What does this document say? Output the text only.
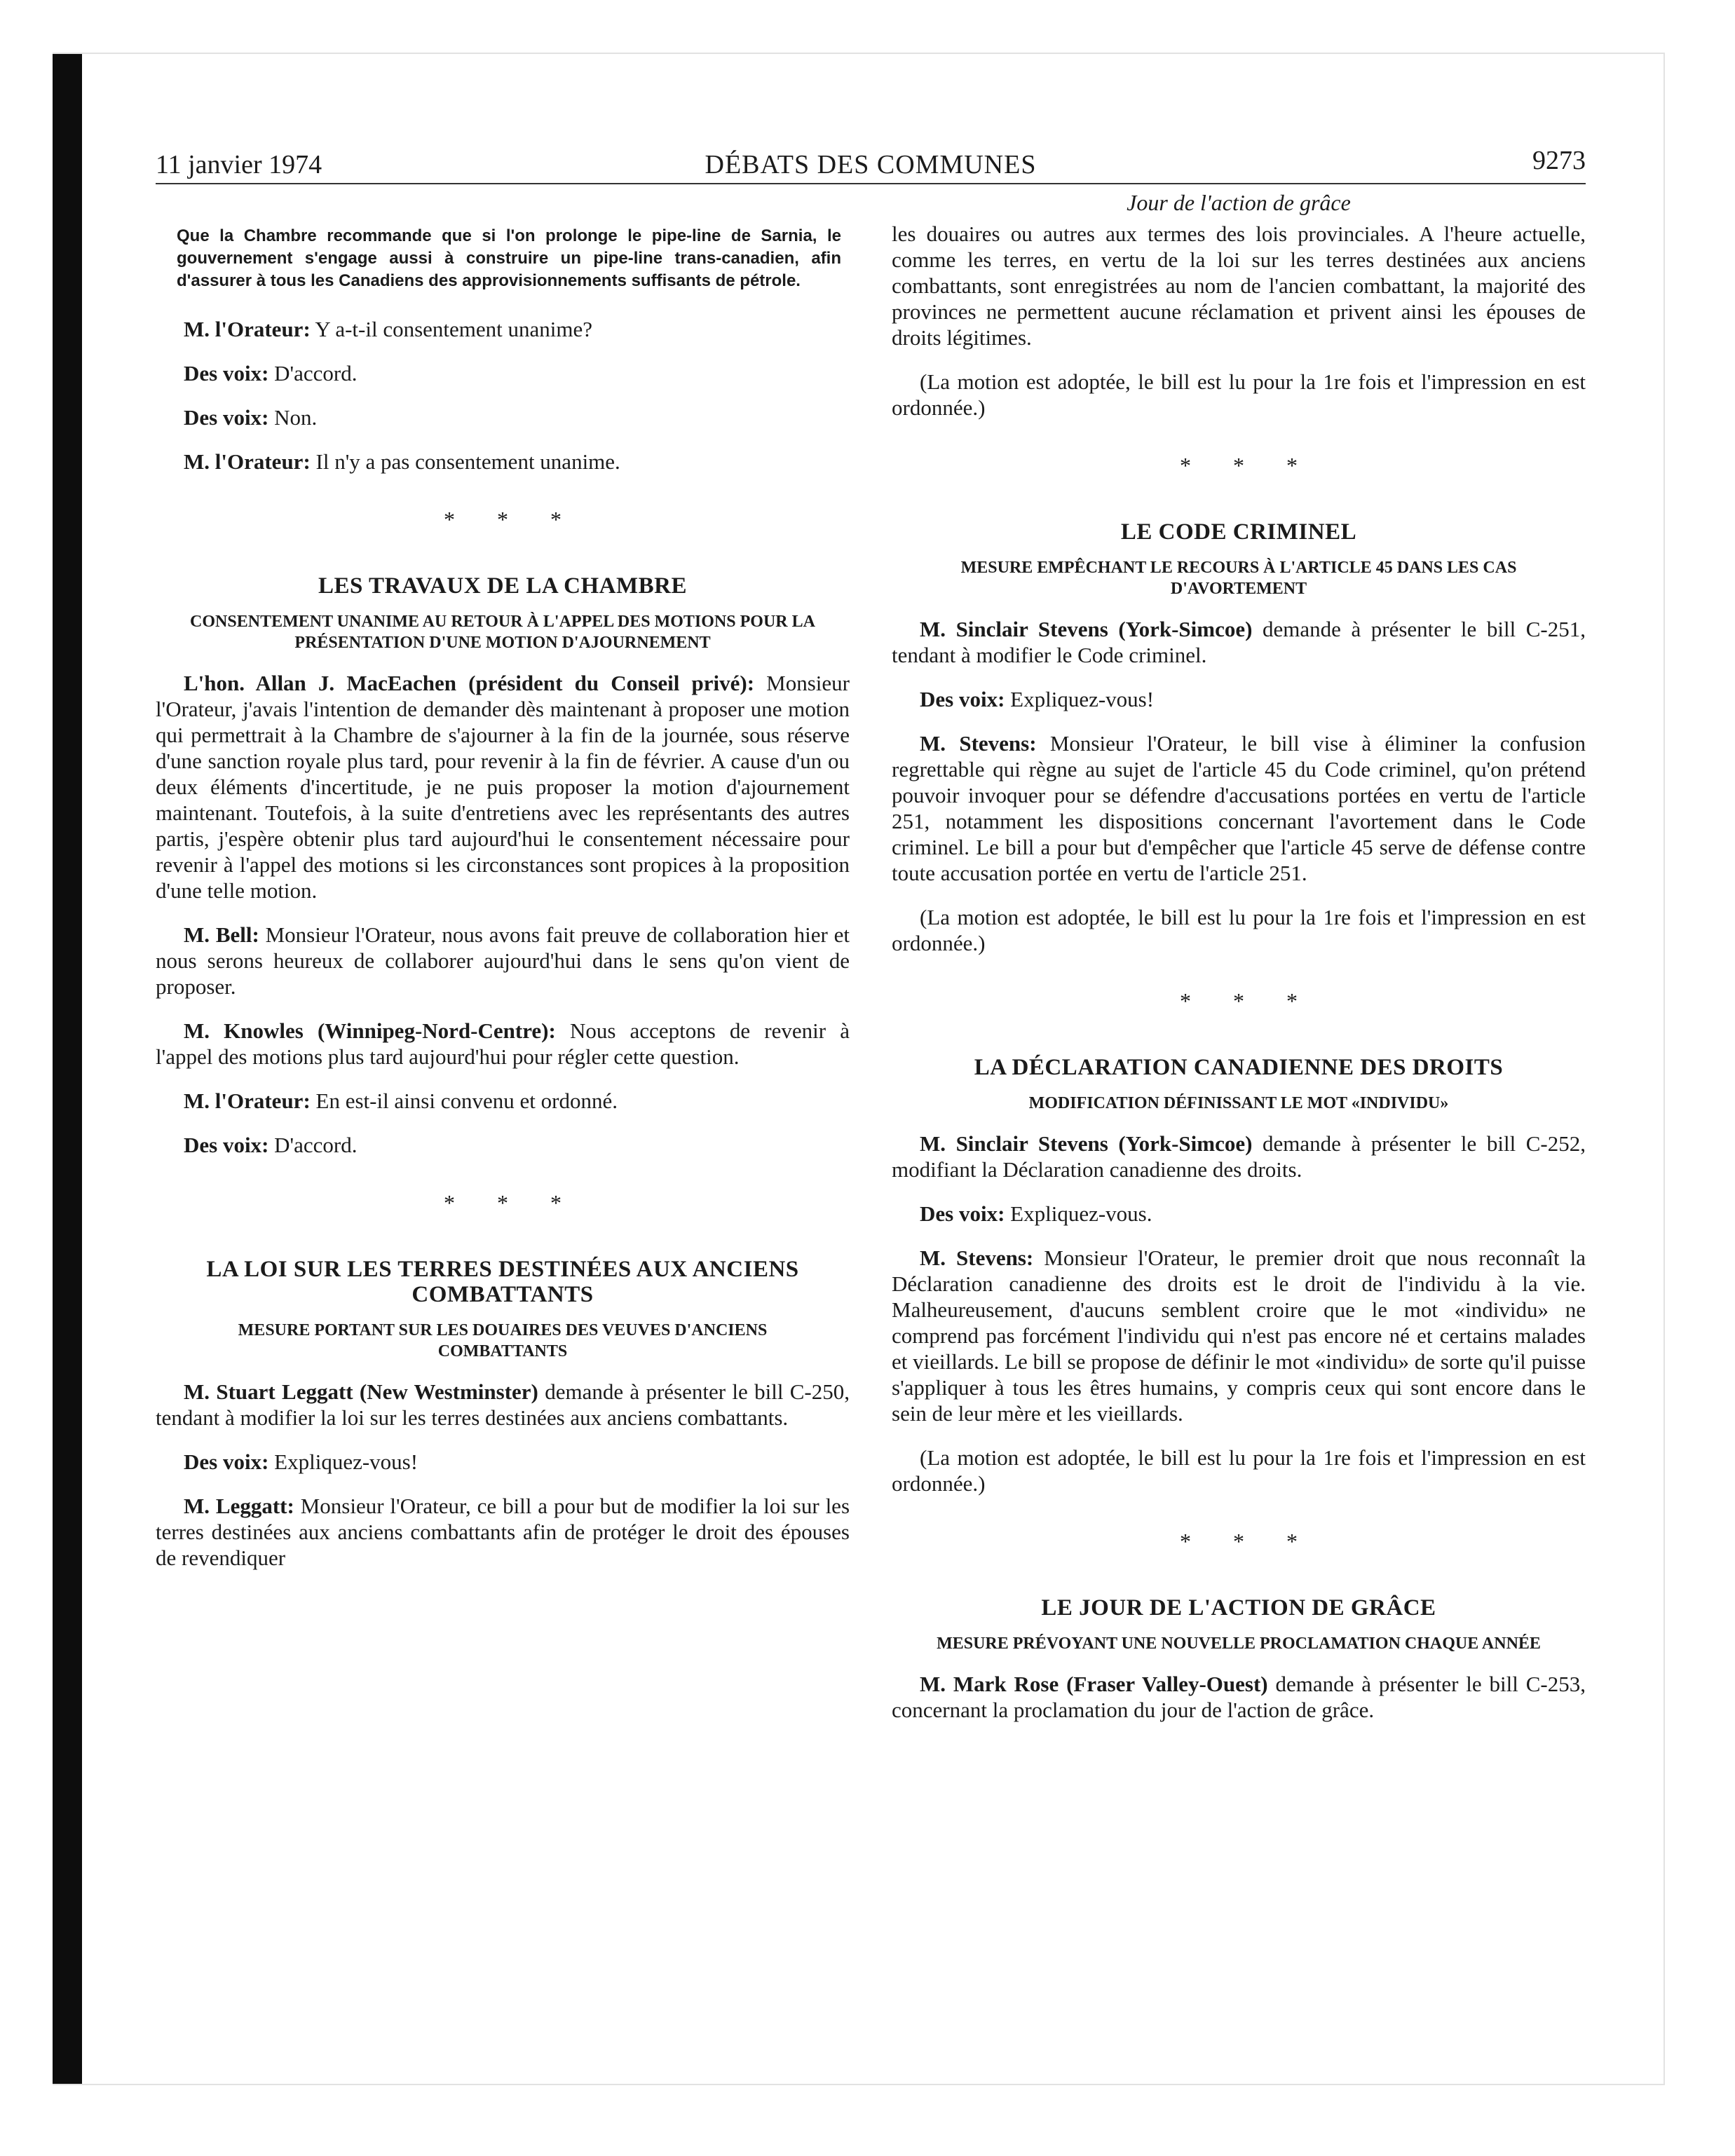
11 janvier 1974	DÉBATS DES COMMUNES	9273

Que la Chambre recommande que si l'on prolonge le pipe-line de Sarnia, le gouvernement s'engage aussi à construire un pipe-line trans-canadien, afin d'assurer à tous les Canadiens des approvisionnements suffisants de pétrole.

M. l'Orateur: Y a-t-il consentement unanime?

Des voix: D'accord.

Des voix: Non.

M. l'Orateur: Il n'y a pas consentement unanime.

* * *
LES TRAVAUX DE LA CHAMBRE
CONSENTEMENT UNANIME AU RETOUR À L'APPEL DES MOTIONS POUR LA PRÉSENTATION D'UNE MOTION D'AJOURNEMENT

L'hon. Allan J. MacEachen (président du Conseil privé): Monsieur l'Orateur, j'avais l'intention de demander dès maintenant à proposer une motion qui permettrait à la Chambre de s'ajourner à la fin de la journée, sous réserve d'une sanction royale plus tard, pour revenir à la fin de février. A cause d'un ou deux éléments d'incertitude, je ne puis proposer la motion d'ajournement maintenant. Toutefois, à la suite d'entretiens avec les représentants des autres partis, j'espère obtenir plus tard aujourd'hui le consentement nécessaire pour revenir à l'appel des motions si les circonstances sont propices à la proposition d'une telle motion.

M. Bell: Monsieur l'Orateur, nous avons fait preuve de collaboration hier et nous serons heureux de collaborer aujourd'hui dans le sens qu'on vient de proposer.

M. Knowles (Winnipeg-Nord-Centre): Nous acceptons de revenir à l'appel des motions plus tard aujourd'hui pour régler cette question.

M. l'Orateur: En est-il ainsi convenu et ordonné.

Des voix: D'accord.

* * *
LA LOI SUR LES TERRES DESTINÉES AUX ANCIENS COMBATTANTS
MESURE PORTANT SUR LES DOUAIRES DES VEUVES D'ANCIENS COMBATTANTS

M. Stuart Leggatt (New Westminster) demande à présenter le bill C-250, tendant à modifier la loi sur les terres destinées aux anciens combattants.

Des voix: Expliquez-vous!

M. Leggatt: Monsieur l'Orateur, ce bill a pour but de modifier la loi sur les terres destinées aux anciens combattants afin de protéger le droit des épouses de revendiquer

Jour de l'action de grâce

les douaires ou autres aux termes des lois provinciales. A l'heure actuelle, comme les terres, en vertu de la loi sur les terres destinées aux anciens combattants, sont enregistrées au nom de l'ancien combattant, la majorité des provinces ne permettent aucune réclamation et privent ainsi les épouses de droits légitimes.

(La motion est adoptée, le bill est lu pour la 1re fois et l'impression en est ordonnée.)

* * *
LE CODE CRIMINEL
MESURE EMPÊCHANT LE RECOURS À L'ARTICLE 45 DANS LES CAS D'AVORTEMENT

M. Sinclair Stevens (York-Simcoe) demande à présenter le bill C-251, tendant à modifier le Code criminel.

Des voix: Expliquez-vous!

M. Stevens: Monsieur l'Orateur, le bill vise à éliminer la confusion regrettable qui règne au sujet de l'article 45 du Code criminel, qu'on prétend pouvoir invoquer pour se défendre d'accusations portées en vertu de l'article 251, notamment les dispositions concernant l'avortement dans le Code criminel. Le bill a pour but d'empêcher que l'article 45 serve de défense contre toute accusation portée en vertu de l'article 251.

(La motion est adoptée, le bill est lu pour la 1re fois et l'impression en est ordonnée.)

* * *
LA DÉCLARATION CANADIENNE DES DROITS
MODIFICATION DÉFINISSANT LE MOT «INDIVIDU»

M. Sinclair Stevens (York-Simcoe) demande à présenter le bill C-252, modifiant la Déclaration canadienne des droits.

Des voix: Expliquez-vous.

M. Stevens: Monsieur l'Orateur, le premier droit que nous reconnaît la Déclaration canadienne des droits est le droit de l'individu à la vie. Malheureusement, d'aucuns semblent croire que le mot «individu» ne comprend pas forcément l'individu qui n'est pas encore né et certains malades et vieillards. Le bill se propose de définir le mot «individu» de sorte qu'il puisse s'appliquer à tous les êtres humains, y compris ceux qui sont encore dans le sein de leur mère et les vieillards.

(La motion est adoptée, le bill est lu pour la 1re fois et l'impression en est ordonnée.)

* * *
LE JOUR DE L'ACTION DE GRÂCE
MESURE PRÉVOYANT UNE NOUVELLE PROCLAMATION CHAQUE ANNÉE

M. Mark Rose (Fraser Valley-Ouest) demande à présenter le bill C-253, concernant la proclamation du jour de l'action de grâce.
